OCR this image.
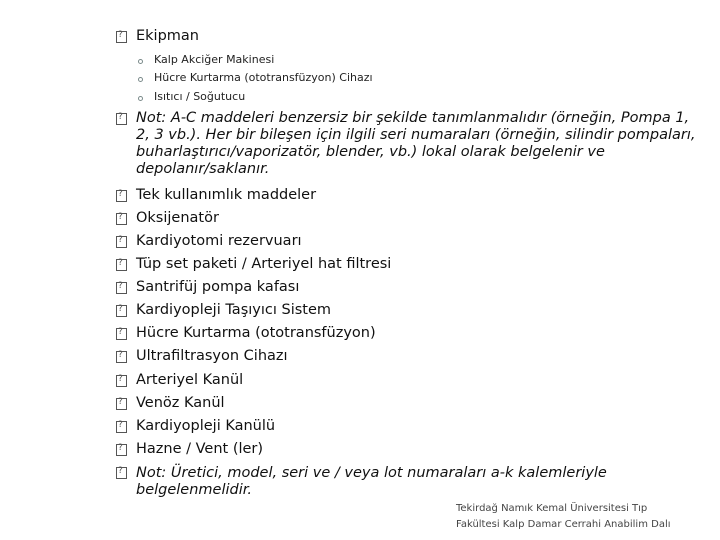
?
Ekipman
Kalp Akciğer Makinesi
Hücre Kurtarma (ototransfüzyon) Cihazı
Isıtıcı / Soğutucu
?
Not: A-C maddeleri benzersiz bir şekilde tanımlanmalıdır (örneğin, Pompa 1,
2, 3 vb.). Her bir bileşen için ilgili seri numaraları (örneğin, silindir pompaları,
buharlaştırıcı/vaporizatör, blender, vb.) lokal olarak belgelenir ve
depolanır/saklanır.
?
Tek kullanımlık maddeler
?
Oksijenatör
?
Kardiyotomi rezervuarı
?
Tüp set paketi / Arteriyel hat filtresi
?
Santrifüj pompa kafası
?
Kardiyopleji Taşıyıcı Sistem
?
Hücre Kurtarma (ototransfüzyon)
?
Ultrafiltrasyon Cihazı
?
Arteriyel Kanül
?
Venöz Kanül
?
Kardiyopleji Kanülü
?
Hazne / Vent (ler)
?
Not: Üretici, model, seri ve / veya lot numaraları a-k kalemleriyle
belgelenmelidir.
Tekirdağ Namık Kemal Üniversitesi Tıp
Fakültesi Kalp Damar Cerrahi Anabilim Dalı
